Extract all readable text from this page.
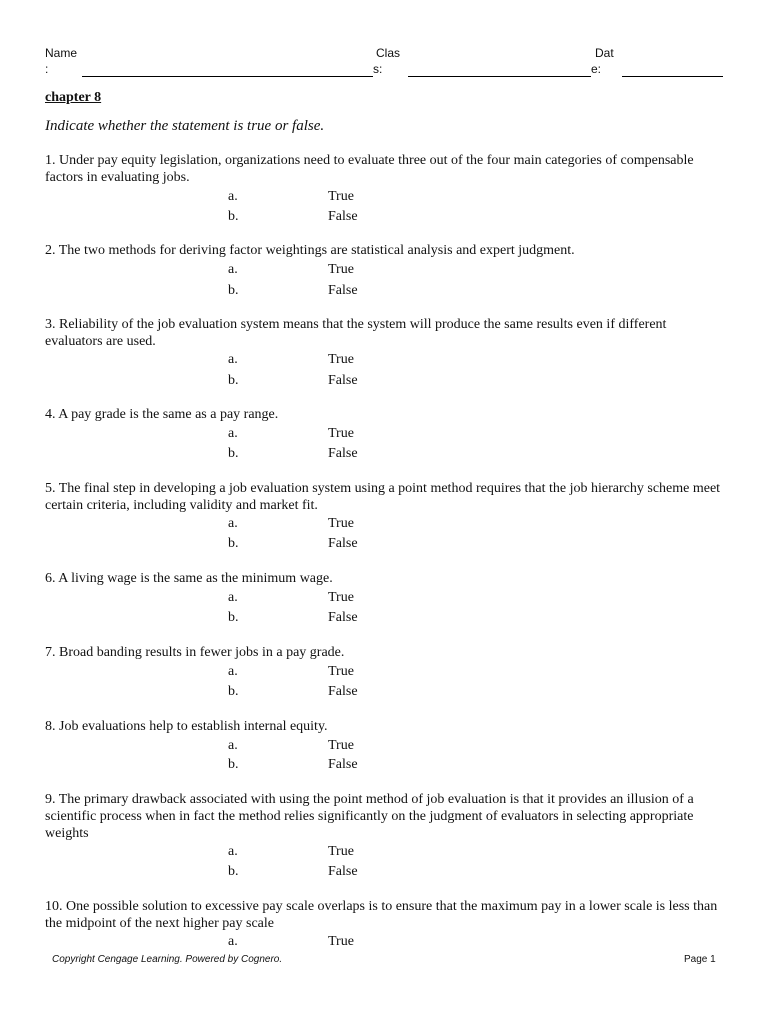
Name
:
Clas
s:
Dat
e:
chapter 8
Indicate whether the statement is true or false.
1. Under pay equity legislation, organizations need to evaluate three out of the four main categories of compensable factors in evaluating jobs.
a.	True
b.	False
2. The two methods for deriving factor weightings are statistical analysis and expert judgment.
a.	True
b.	False
3. Reliability of the job evaluation system means that the system will produce the same results even if different evaluators are used.
a.	True
b.	False
4. A pay grade is the same as a pay range.
a.	True
b.	False
5. The final step in developing a job evaluation system using a point method requires that the job hierarchy scheme meet certain criteria, including validity and market fit.
a.	True
b.	False
6. A living wage is the same as the minimum wage.
a.	True
b.	False
7. Broad banding results in fewer jobs in a pay grade.
a.	True
b.	False
8. Job evaluations help to establish internal equity.
a.	True
b.	False
9. The primary drawback associated with using the point method of job evaluation is that it provides an illusion of a scientific process when in fact the method relies significantly on the judgment of evaluators in selecting appropriate weights
a.	True
b.	False
10. One possible solution to excessive pay scale overlaps is to ensure that the maximum pay in a lower scale is less than the midpoint of the next higher pay scale
a.	True
Copyright Cengage Learning. Powered by Cognero.	Page 1
